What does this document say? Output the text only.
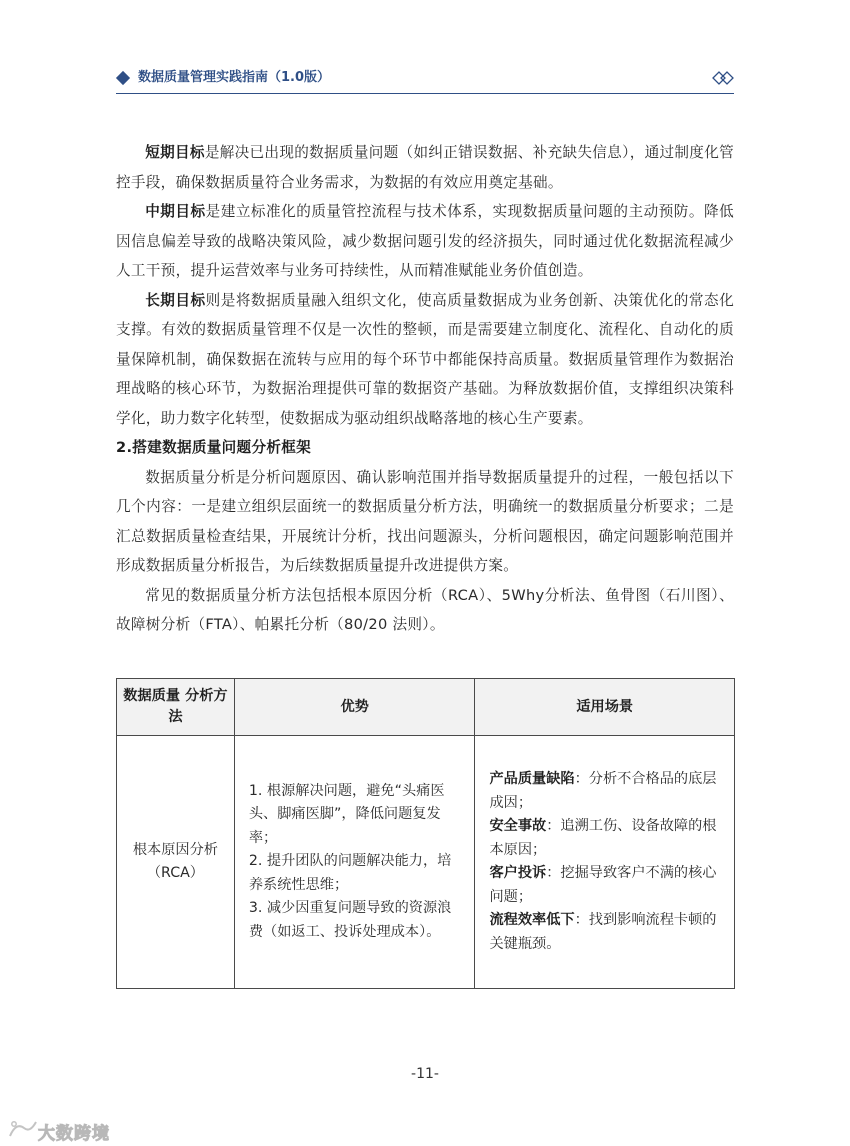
数据质量管理实践指南（1.0版）

短期目标是解决已出现的数据质量问题（如纠正错误数据、补充缺失信息），通过制度化管控手段，确保数据质量符合业务需求，为数据的有效应用奠定基础。

中期目标是建立标准化的质量管控流程与技术体系，实现数据质量问题的主动预防。降低因信息偏差导致的战略决策风险，减少数据问题引发的经济损失，同时通过优化数据流程减少人工干预，提升运营效率与业务可持续性，从而精准赋能业务价值创造。

长期目标则是将数据质量融入组织文化，使高质量数据成为业务创新、决策优化的常态化支撑。有效的数据质量管理不仅是一次性的整顿，而是需要建立制度化、流程化、自动化的质量保障机制，确保数据在流转与应用的每个环节中都能保持高质量。数据质量管理作为数据治理战略的核心环节，为数据治理提供可靠的数据资产基础。为释放数据价值，支撑组织决策科学化，助力数字化转型，使数据成为驱动组织战略落地的核心生产要素。

2.搭建数据质量问题分析框架

数据质量分析是分析问题原因、确认影响范围并指导数据质量提升的过程，一般包括以下几个内容：一是建立组织层面统一的数据质量分析方法，明确统一的数据质量分析要求；二是汇总数据质量检查结果，开展统计分析，找出问题源头，分析问题根因，确定问题影响范围并形成数据质量分析报告，为后续数据质量提升改进提供方案。

常见的数据质量分析方法包括根本原因分析（RCA）、5Why分析法、鱼骨图（石川图）、故障树分析（FTA）、帕累托分析（80/20 法则）。

数据质量 分析方法	优势	适用场景

根本原因分析
（RCA）	1. 根源解决问题，避免“头痛医头、脚痛医脚”，降低问题复发率；
2. 提升团队的问题解决能力，培养系统性思维；
3. 减少因重复问题导致的资源浪费（如返工、投诉处理成本）。	产品质量缺陷：分析不合格品的底层成因；
安全事故：追溯工伤、设备故障的根本原因；
客户投诉：挖掘导致客户不满的核心问题；
流程效率低下：找到影响流程卡顿的关键瓶颈。
-11-
大数跨境
